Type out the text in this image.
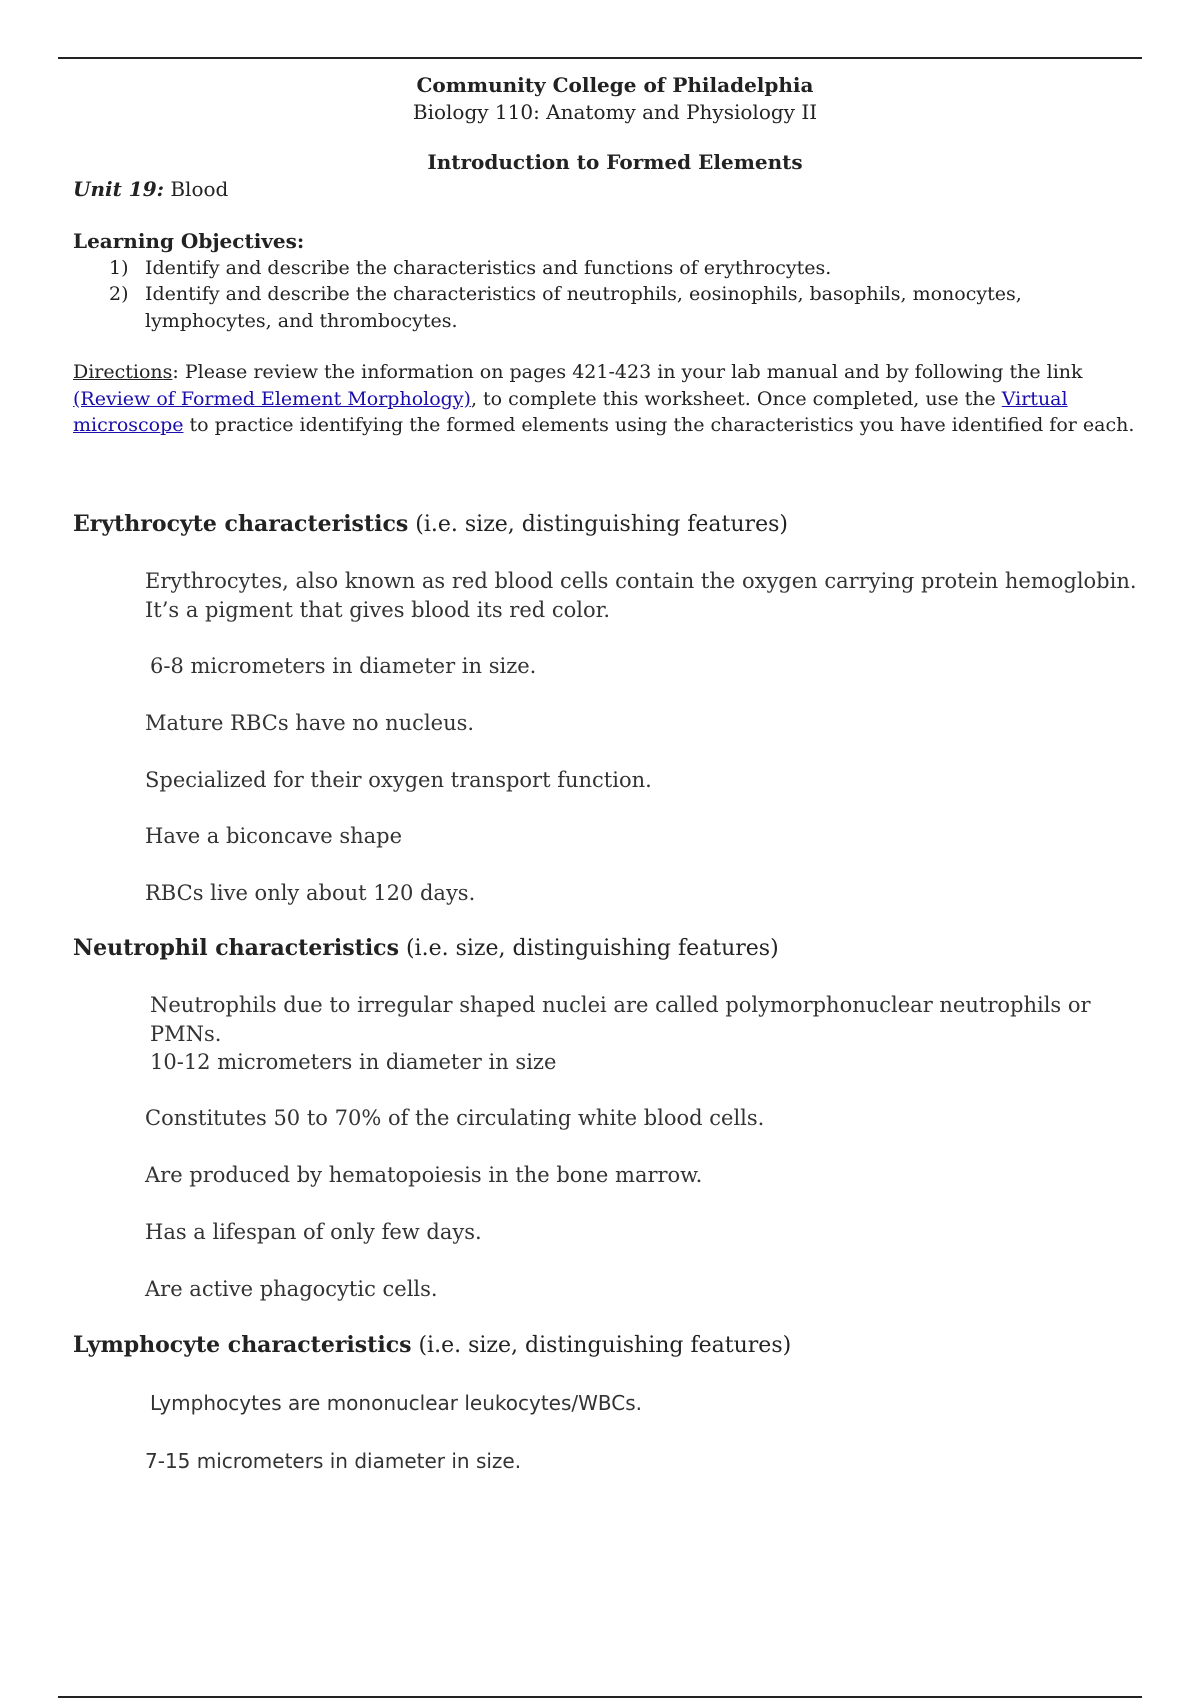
Community College of Philadelphia
Biology 110: Anatomy and Physiology II
Introduction to Formed Elements
Unit 19: Blood
Learning Objectives:
1) Identify and describe the characteristics and functions of erythrocytes.
2) Identify and describe the characteristics of neutrophils, eosinophils, basophils, monocytes, lymphocytes, and thrombocytes.
Directions: Please review the information on pages 421-423 in your lab manual and by following the link (Review of Formed Element Morphology), to complete this worksheet. Once completed, use the Virtual microscope to practice identifying the formed elements using the characteristics you have identified for each.
Erythrocyte characteristics (i.e. size, distinguishing features)
Erythrocytes, also known as red blood cells contain the oxygen carrying protein hemoglobin. It’s a pigment that gives blood its red color.
6-8 micrometers in diameter in size.
Mature RBCs have no nucleus.
Specialized for their oxygen transport function.
Have a biconcave shape
RBCs live only about 120 days.
Neutrophil characteristics (i.e. size, distinguishing features)
Neutrophils due to irregular shaped nuclei are called polymorphonuclear neutrophils or PMNs.
10-12 micrometers in diameter in size
Constitutes 50 to 70% of the circulating white blood cells.
Are produced by hematopoiesis in the bone marrow.
Has a lifespan of only few days.
Are active phagocytic cells.
Lymphocyte characteristics (i.e. size, distinguishing features)
Lymphocytes are mononuclear leukocytes/WBCs.
7-15 micrometers in diameter in size.
